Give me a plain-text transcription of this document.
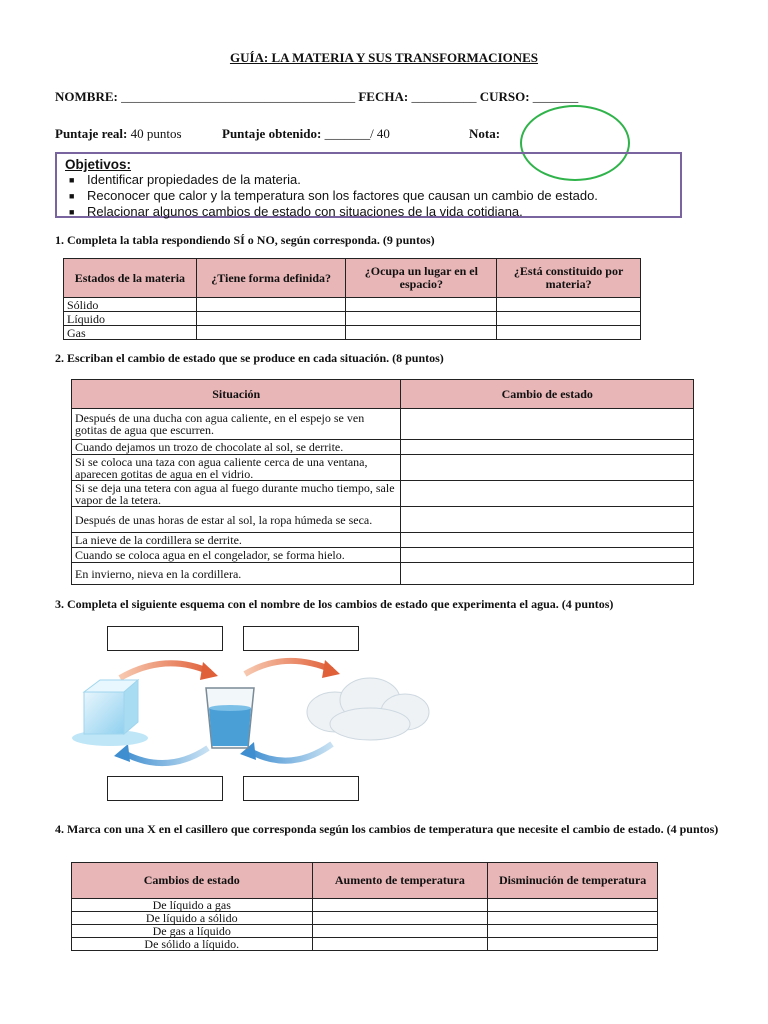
GUÍA: LA MATERIA Y SUS TRANSFORMACIONES
NOMBRE: ____________________________________ FECHA: __________ CURSO: _______
Puntaje real: 40 puntos	Puntaje obtenido: _______/ 40	Nota:
Objetivos:
■ Identificar propiedades de la materia.
■ Reconocer que calor y la temperatura son los factores que causan un cambio de estado.
■ Relacionar algunos cambios de estado con situaciones de la vida cotidiana.
1. Completa la tabla respondiendo SÍ o NO, según corresponda. (9 puntos)
Estados de la materia	¿Tiene forma definida?	¿Ocupa un lugar en el espacio?	¿Está constituido por materia?
Sólido			
Líquido			
Gas			
2. Escriban el cambio de estado que se produce en cada situación. (8 puntos)
Situación	Cambio de estado
Después de una ducha con agua caliente, en el espejo se ven gotitas de agua que escurren.	
Cuando dejamos un trozo de chocolate al sol, se derrite.	
Si se coloca una taza con agua caliente cerca de una ventana, aparecen gotitas de agua en el vidrio.	
Si se deja una tetera con agua al fuego durante mucho tiempo, sale vapor de la tetera.	
Después de unas horas de estar al sol, la ropa húmeda se seca.	
La nieve de la cordillera se derrite.	
Cuando se coloca agua en el congelador, se forma hielo.	
En invierno, nieva en la cordillera.	
3. Completa el siguiente esquema con el nombre de los cambios de estado que experimenta el agua. (4 puntos)
4. Marca con una X en el casillero que corresponda según los cambios de temperatura que necesite el cambio de estado. (4 puntos)
Cambios de estado	Aumento de temperatura	Disminución de temperatura
De líquido a gas		
De líquido a sólido		
De gas a líquido		
De sólido a líquido.		
